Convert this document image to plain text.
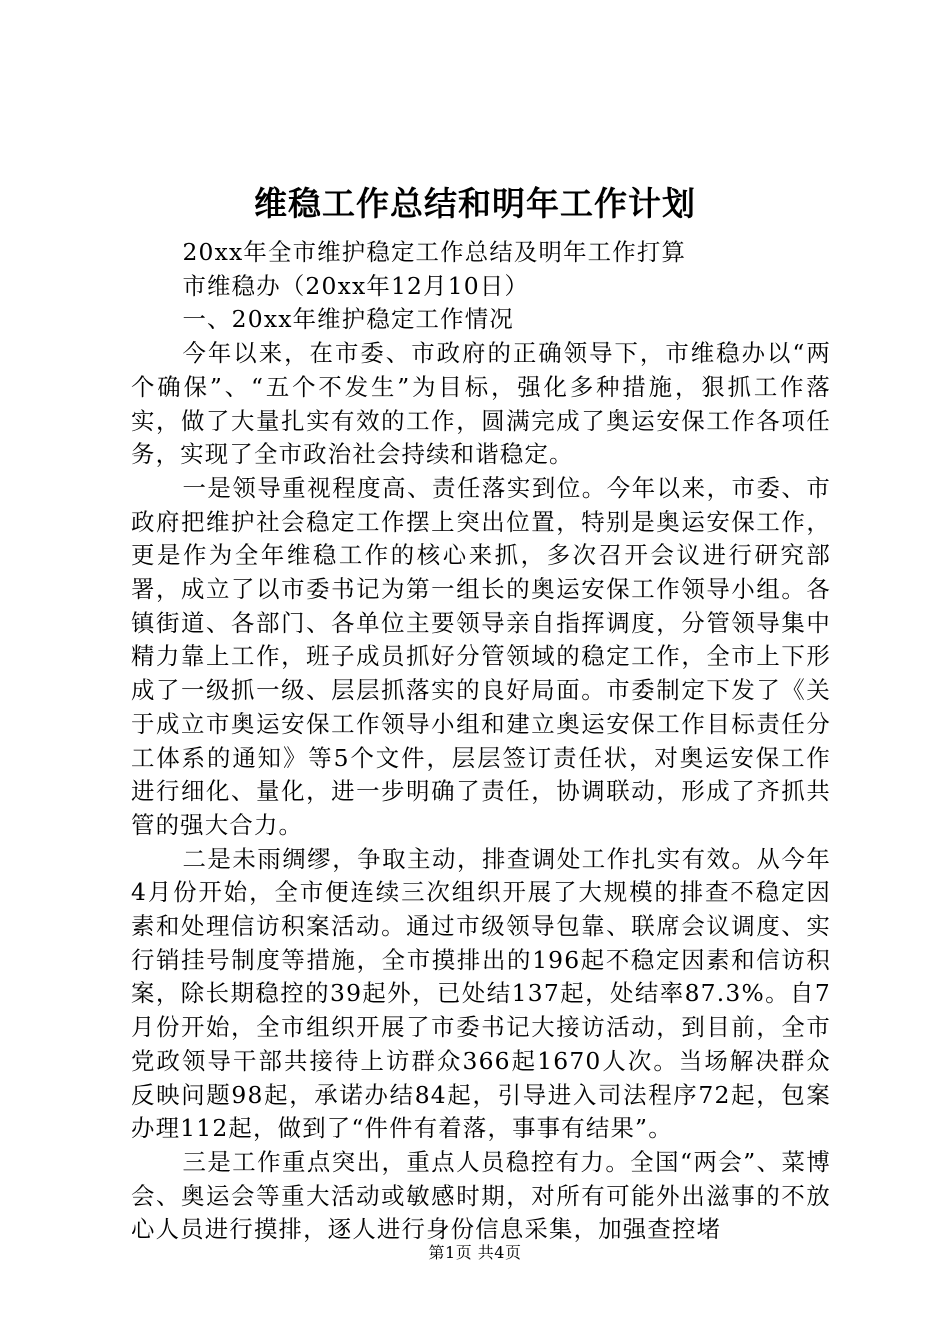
维稳工作总结和明年工作计划

20xx年全市维护稳定工作总结及明年工作打算

市维稳办（20xx年12月10日）

一、20xx年维护稳定工作情况

今年以来，在市委、市政府的正确领导下，市维稳办以“两个确保”、“五个不发生”为目标，强化多种措施，狠抓工作落实，做了大量扎实有效的工作，圆满完成了奥运安保工作各项任务，实现了全市政治社会持续和谐稳定。

一是领导重视程度高、责任落实到位。今年以来，市委、市政府把维护社会稳定工作摆上突出位置，特别是奥运安保工作，更是作为全年维稳工作的核心来抓，多次召开会议进行研究部署，成立了以市委书记为第一组长的奥运安保工作领导小组。各镇街道、各部门、各单位主要领导亲自指挥调度，分管领导集中精力靠上工作，班子成员抓好分管领域的稳定工作，全市上下形成了一级抓一级、层层抓落实的良好局面。市委制定下发了《关于成立市奥运安保工作领导小组和建立奥运安保工作目标责任分工体系的通知》等5个文件，层层签订责任状，对奥运安保工作进行细化、量化，进一步明确了责任，协调联动，形成了齐抓共管的强大合力。

二是未雨绸缪，争取主动，排查调处工作扎实有效。从今年4月份开始，全市便连续三次组织开展了大规模的排查不稳定因素和处理信访积案活动。通过市级领导包靠、联席会议调度、实行销挂号制度等措施，全市摸排出的196起不稳定因素和信访积案，除长期稳控的39起外，已处结137起，处结率87.3%。自7月份开始，全市组织开展了市委书记大接访活动，到目前，全市党政领导干部共接待上访群众366起1670人次。当场解决群众反映问题98起，承诺办结84起，引导进入司法程序72起，包案办理112起，做到了“件件有着落，事事有结果”。

三是工作重点突出，重点人员稳控有力。全国“两会”、菜博会、奥运会等重大活动或敏感时期，对所有可能外出滋事的不放心人员进行摸排，逐人进行身份信息采集，加强查控堵

第1页 共4页
